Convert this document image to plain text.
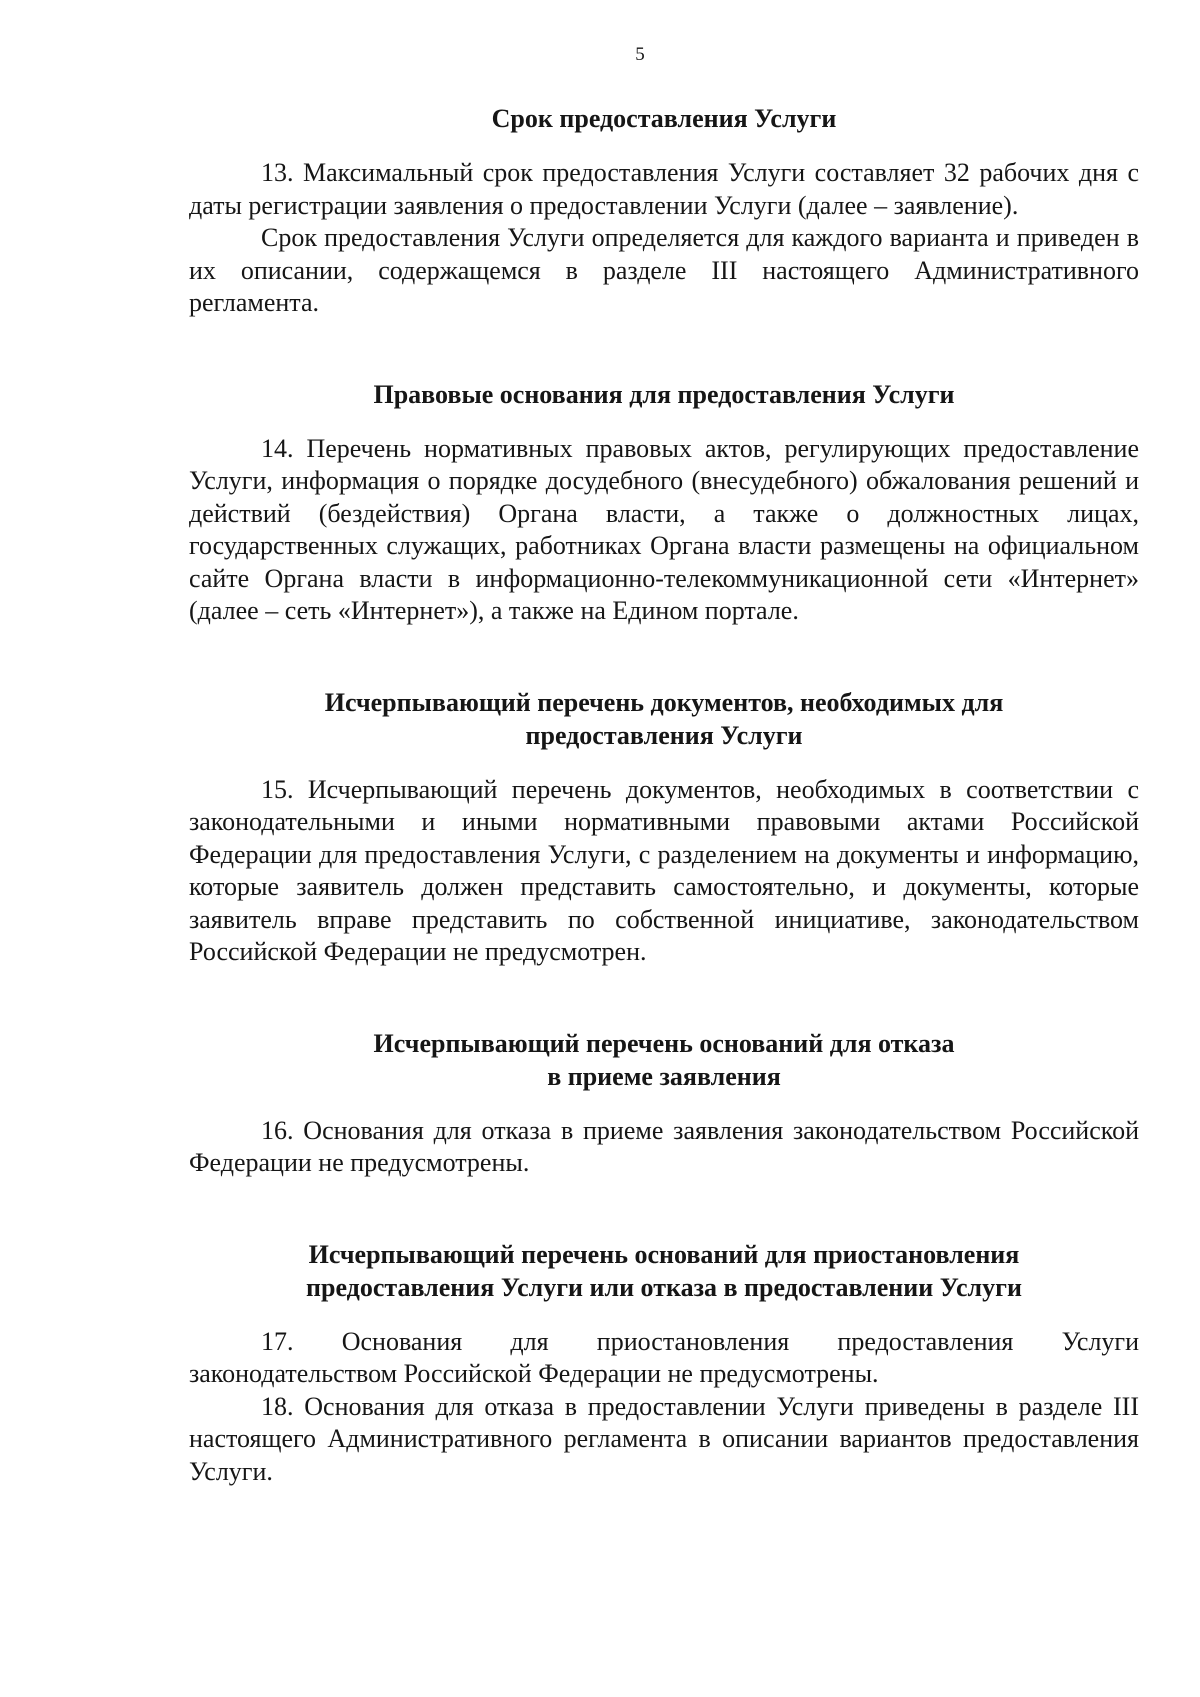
5

Срок предоставления Услуги

13. Максимальный срок предоставления Услуги составляет 32 рабочих дня с даты регистрации заявления о предоставлении Услуги (далее – заявление).

Срок предоставления Услуги определяется для каждого варианта и приведен в их описании, содержащемся в разделе III настоящего Административного регламента.

Правовые основания для предоставления Услуги

14. Перечень нормативных правовых актов, регулирующих предоставление Услуги, информация о порядке досудебного (внесудебного) обжалования решений и действий (бездействия) Органа власти, а также о должностных лицах, государственных служащих, работниках Органа власти размещены на официальном сайте Органа власти в информационно-телекоммуникационной сети «Интернет» (далее – сеть «Интернет»), а также на Едином портале.

Исчерпывающий перечень документов, необходимых для

предоставления Услуги

15. Исчерпывающий перечень документов, необходимых в соответствии с законодательными и иными нормативными правовыми актами Российской Федерации для предоставления Услуги, с разделением на документы и информацию, которые заявитель должен представить самостоятельно, и документы, которые заявитель вправе представить по собственной инициативе, законодательством Российской Федерации не предусмотрен.

Исчерпывающий перечень оснований для отказа

в приеме заявления

16. Основания для отказа в приеме заявления законодательством Российской Федерации не предусмотрены.

Исчерпывающий перечень оснований для приостановления

предоставления Услуги или отказа в предоставлении Услуги

17. Основания для приостановления предоставления Услуги законодательством Российской Федерации не предусмотрены.

18. Основания для отказа в предоставлении Услуги приведены в разделе III настоящего Административного регламента в описании вариантов предоставления Услуги.
